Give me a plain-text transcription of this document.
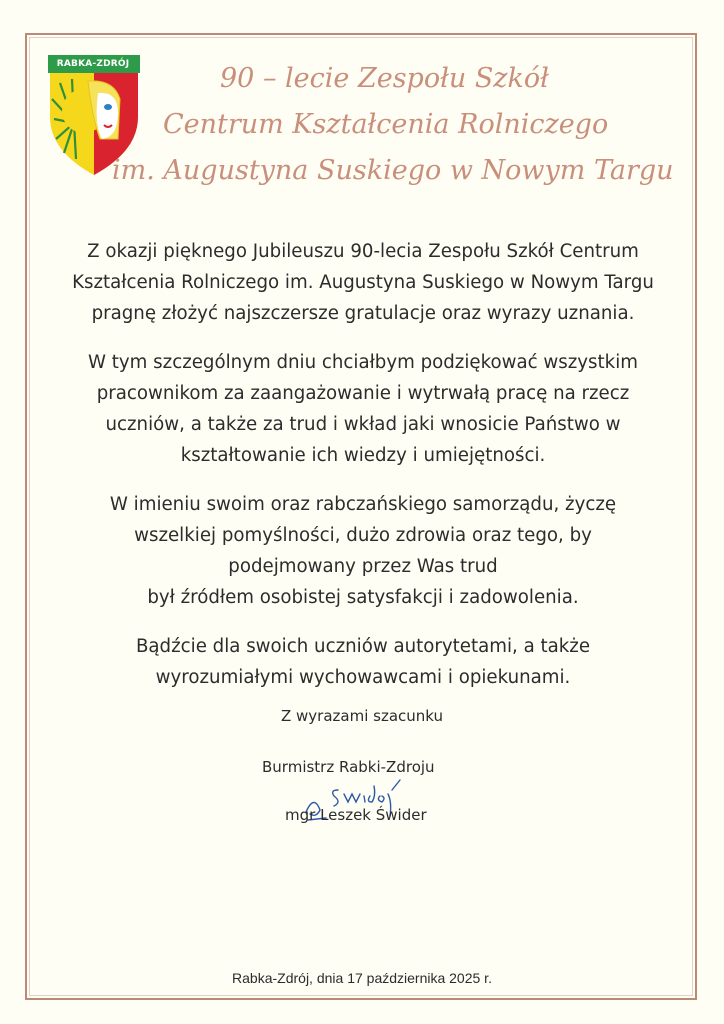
RABKA-ZDRÓJ	90 – lecie Zespołu Szkół
Centrum Kształcenia Rolniczego
im. Augustyna Suskiego w Nowym Targu
Z okazji pięknego Jubileuszu 90-lecia Zespołu Szkół Centrum
Kształcenia Rolniczego im. Augustyna Suskiego w Nowym Targu
pragnę złożyć najszczersze gratulacje oraz wyrazy uznania.
W tym szczególnym dniu chciałbym podziękować wszystkim
pracownikom za zaangażowanie i wytrwałą pracę na rzecz
uczniów, a także za trud i wkład jaki wnosicie Państwo w
kształtowanie ich wiedzy i umiejętności.
W imieniu swoim oraz rabczańskiego samorządu, życzę
wszelkiej pomyślności, dużo zdrowia oraz tego, by
podejmowany przez Was trud
był źródłem osobistej satysfakcji i zadowolenia.
Bądźcie dla swoich uczniów autorytetami, a także
wyrozumiałymi wychowawcami i opiekunami.
Z wyrazami szacunku
Burmistrz Rabki-Zdroju
mgr Leszek Świder
Rabka-Zdrój, dnia 17 października 2025 r.
